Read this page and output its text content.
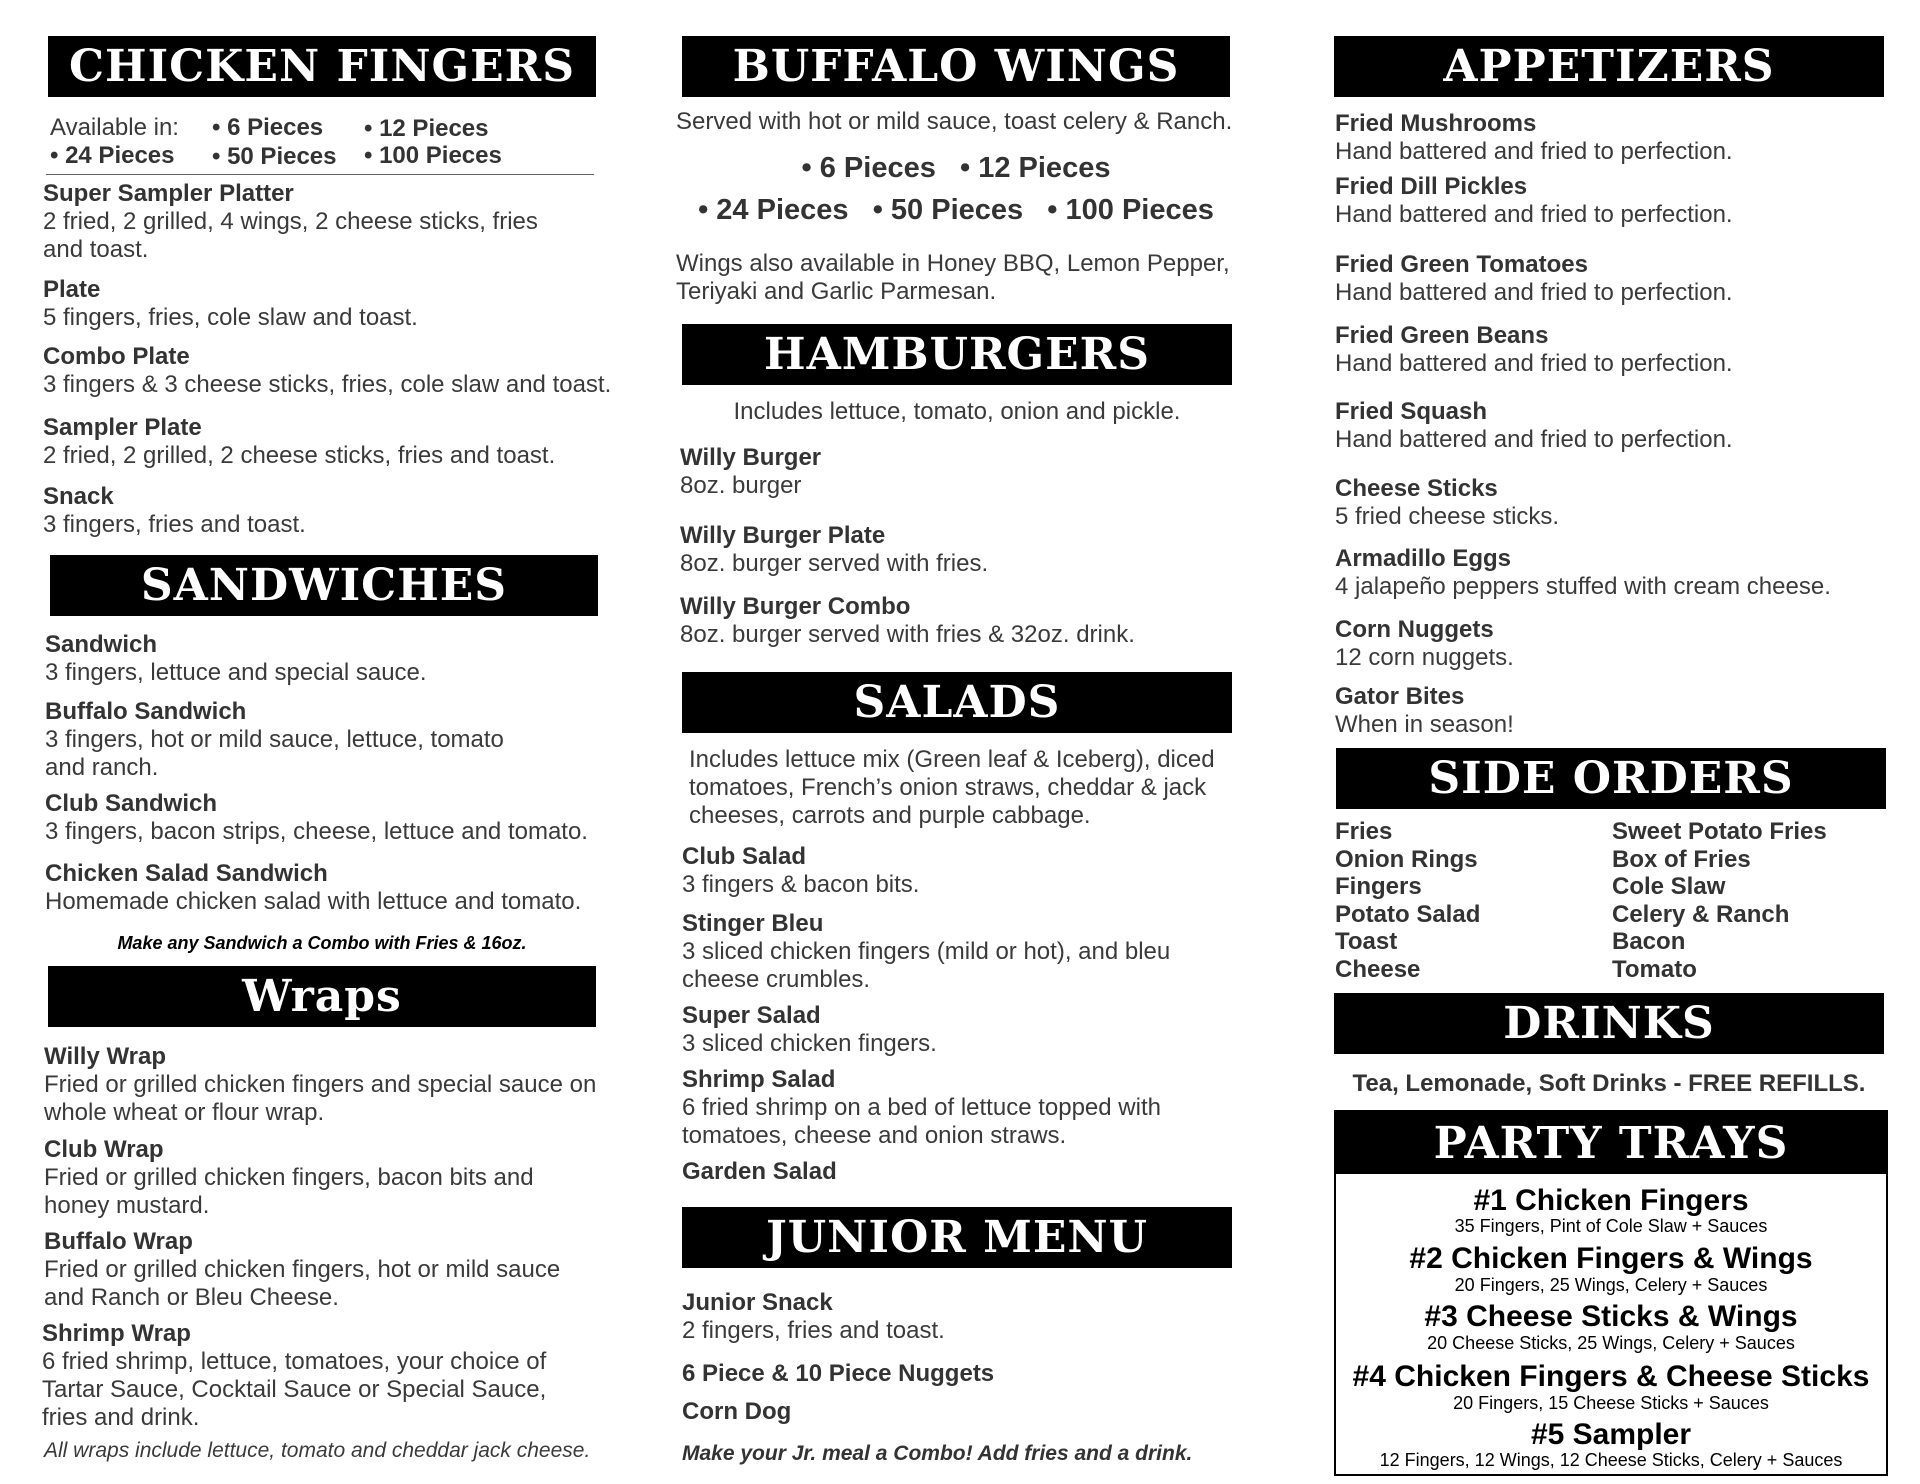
CHICKEN FINGERS
Available in: • 6 Pieces • 12 Pieces
• 24 Pieces • 50 Pieces • 100 Pieces
Super Sampler Platter
2 fried, 2 grilled, 4 wings, 2 cheese sticks, fries
and toast.
Plate
5 fingers, fries, cole slaw and toast.
Combo Plate
3 fingers & 3 cheese sticks, fries, cole slaw and toast.
Sampler Plate
2 fried, 2 grilled, 2 cheese sticks, fries and toast.
Snack
3 fingers, fries and toast.
SANDWICHES
Sandwich
3 fingers, lettuce and special sauce.
Buffalo Sandwich
3 fingers, hot or mild sauce, lettuce, tomato
and ranch.
Club Sandwich
3 fingers, bacon strips, cheese, lettuce and tomato.
Chicken Salad Sandwich
Homemade chicken salad with lettuce and tomato.
Make any Sandwich a Combo with Fries & 16oz.
Wraps
Willy Wrap
Fried or grilled chicken fingers and special sauce on
whole wheat or flour wrap.
Club Wrap
Fried or grilled chicken fingers, bacon bits and
honey mustard.
Buffalo Wrap
Fried or grilled chicken fingers, hot or mild sauce
and Ranch or Bleu Cheese.
Shrimp Wrap
6 fried shrimp, lettuce, tomatoes, your choice of
Tartar Sauce, Cocktail Sauce or Special Sauce,
fries and drink.
All wraps include lettuce, tomato and cheddar jack cheese.
BUFFALO WINGS
Served with hot or mild sauce, toast celery & Ranch.
• 6 Pieces   • 12 Pieces
• 24 Pieces   • 50 Pieces   • 100 Pieces
Wings also available in Honey BBQ, Lemon Pepper,
Teriyaki and Garlic Parmesan.
HAMBURGERS
Includes lettuce, tomato, onion and pickle.
Willy Burger
8oz. burger
Willy Burger Plate
8oz. burger served with fries.
Willy Burger Combo
8oz. burger served with fries & 32oz. drink.
SALADS
Includes lettuce mix (Green leaf & Iceberg), diced
tomatoes, French’s onion straws, cheddar & jack
cheeses, carrots and purple cabbage.
Club Salad
3 fingers & bacon bits.
Stinger Bleu
3 sliced chicken fingers (mild or hot), and bleu
cheese crumbles.
Super Salad
3 sliced chicken fingers.
Shrimp Salad
6 fried shrimp on a bed of lettuce topped with
tomatoes, cheese and onion straws.
Garden Salad
JUNIOR MENU
Junior Snack
2 fingers, fries and toast.
6 Piece & 10 Piece Nuggets
Corn Dog
Make your Jr. meal a Combo! Add fries and a drink.
APPETIZERS
Fried Mushrooms
Hand battered and fried to perfection.
Fried Dill Pickles
Hand battered and fried to perfection.
Fried Green Tomatoes
Hand battered and fried to perfection.
Fried Green Beans
Hand battered and fried to perfection.
Fried Squash
Hand battered and fried to perfection.
Cheese Sticks
5 fried cheese sticks.
Armadillo Eggs
4 jalapeño peppers stuffed with cream cheese.
Corn Nuggets
12 corn nuggets.
Gator Bites
When in season!
SIDE ORDERS
Fries
Onion Rings
Fingers
Potato Salad
Toast
Cheese
Sweet Potato Fries
Box of Fries
Cole Slaw
Celery & Ranch
Bacon
Tomato
DRINKS
Tea, Lemonade, Soft Drinks - FREE REFILLS.
PARTY TRAYS
#1 Chicken Fingers
35 Fingers, Pint of Cole Slaw + Sauces
#2 Chicken Fingers & Wings
20 Fingers, 25 Wings, Celery + Sauces
#3 Cheese Sticks & Wings
20 Cheese Sticks, 25 Wings, Celery + Sauces
#4 Chicken Fingers & Cheese Sticks
20 Fingers, 15 Cheese Sticks + Sauces
#5 Sampler
12 Fingers, 12 Wings, 12 Cheese Sticks, Celery + Sauces
